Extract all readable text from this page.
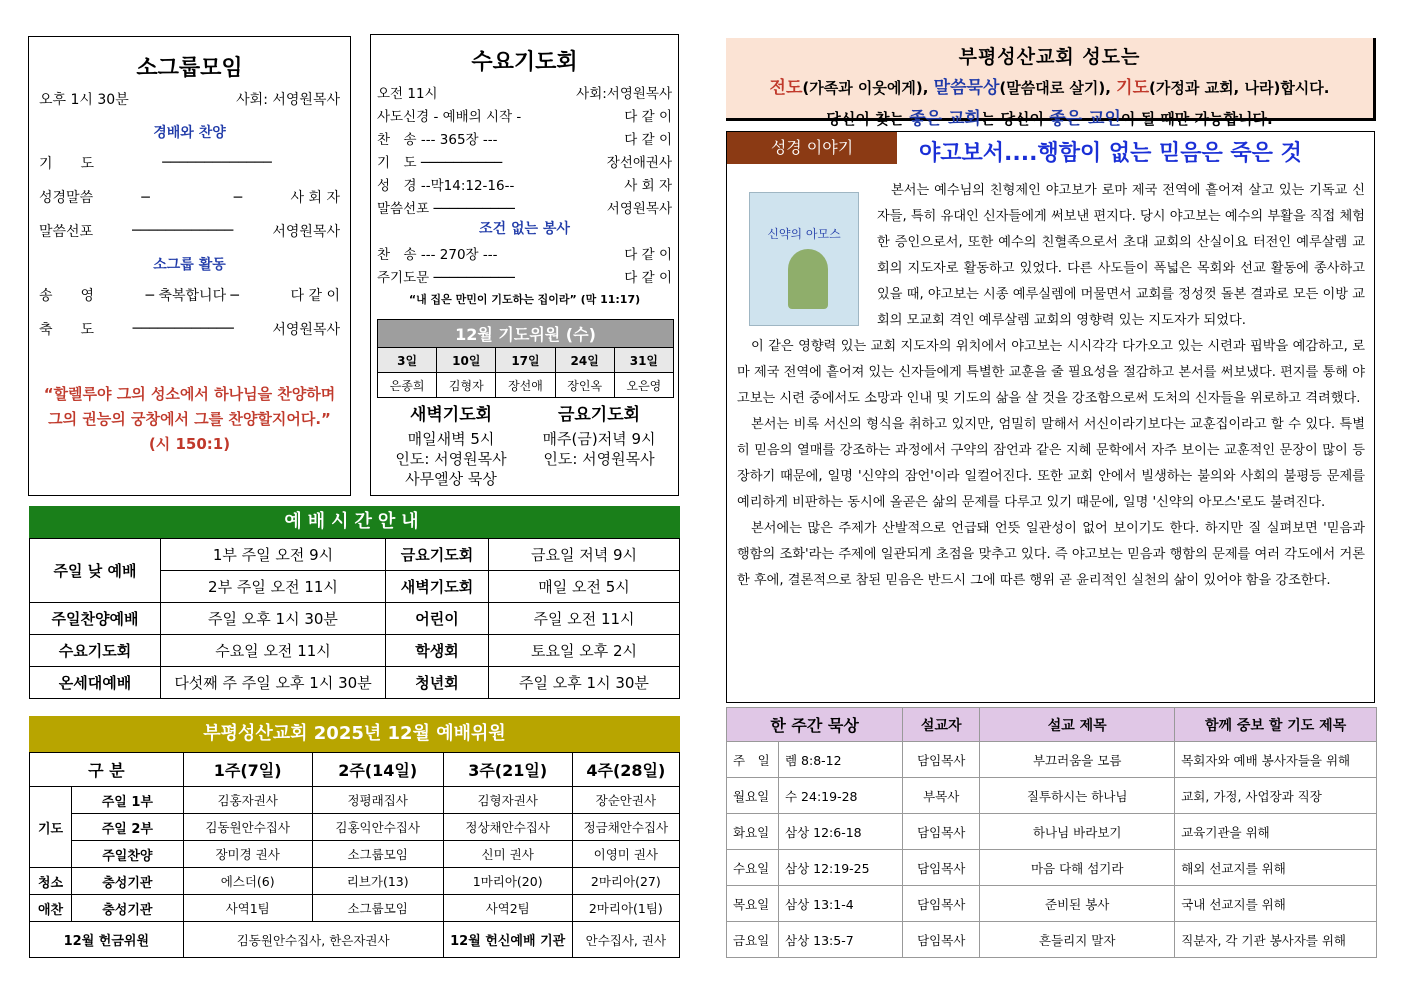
소그룹모임
오후 1시 30분	사회: 서영원목사
경배와 찬양
기　　도	─────────────
성경말씀	─　　　　　　─	사 회 자
말씀선포	────────────	서영원목사
소그룹 활동
송　　영	─ 축복합니다 ─	다 같 이
축　　도	────────────	서영원목사
“할렐루야 그의 성소에서 하나님을 찬양하며 그의 권능의 궁창에서 그를 찬양할지어다.” (시 150:1)
수요기도회
오전 11시	사회:서영원목사
사도신경 - 예배의 시작 -	다 같 이
찬　송 --- 365장 ---	다 같 이
기　도 ──────────	장선애권사
성　경 --막14:12-16--	사 회 자
말씀선포 ──────────	서영원목사
조건 없는 봉사
찬　송 --- 270장 ---	다 같 이
주기도문 ──────────	다 같 이
“내 집은 만민이 기도하는 집이라” (막 11:17)
12월 기도위원 (수)				
3일	10일	17일	24일	31일
은종희	김형자	장선애	장인옥	오은영
새벽기도회
매일새벽 5시
인도: 서영원목사
사무엘상 묵상
금요기도회
매주(금)저녁 9시
인도: 서영원목사
예배시간안내
주일 낮 예배	1부 주일 오전 9시	금요기도회	금요일 저녁 9시
	2부 주일 오전 11시	새벽기도회	매일 오전 5시
주일찬양예배	주일 오후 1시 30분	어린이	주일 오전 11시
수요기도회	수요일 오전 11시	학생회	토요일 오후 2시
온세대예배	다섯째 주 주일 오후 1시 30분	청년회	주일 오후 1시 30분
부평성산교회 2025년 12월 예배위원
구 분		1주(7일)	2주(14일)	3주(21일)	4주(28일)
기도	주일 1부	김홍자권사	정평래집사	김형자권사	장순안권사
	주일 2부	김동원안수집사	김홍익안수집사	정상채안수집사	정금채안수집사
	주일찬양	장미경 권사	소그룹모임	신미 권사	이영미 권사
청소	충성기관	에스더(6)	리브가(13)	1마리아(20)	2마리아(27)
애찬	충성기관	사역1팀	소그룹모임	사역2팀	2마리아(1팀)
12월 헌금위원		김동원안수집사, 한은자권사		12월 헌신예배 기관	안수집사, 권사
부평성산교회 성도는
전도(가족과 이웃에게), 말씀묵상(말씀대로 살기), 기도(가정과 교회, 나라)합시다.
당신이 찾는 좋은 교회는 당신이 좋은 교인이 될 때만 가능합니다.
성경 이야기	야고보서....행함이 없는 믿음은 죽은 것

본서는 예수님의 친형제인 야고보가 로마 제국 전역에 흩어져 살고 있는 기독교 신자들, 특히 유대인 신자들에게 써보낸 편지다. 당시 야고보는 예수의 부활을 직접 체험한 증인으로서, 또한 예수의 친혈족으로서 초대 교회의 산실이요 터전인 예루살렘 교회의 지도자로 활동하고 있었다. 다른 사도들이 폭넓은 목회와 선교 활동에 종사하고 있을 때, 야고보는 시종 예루실렘에 머물면서 교회를 정성껏 돌본 결과로 모든 이방 교회의 모교회 격인 예루살렘 교회의 영향력 있는 지도자가 되었다.

이 같은 영향력 있는 교회 지도자의 위치에서 야고보는 시시각각 다가오고 있는 시련과 핍박을 예감하고, 로마 제국 전역에 흩어져 있는 신자들에게 특별한 교훈을 줄 필요성을 절감하고 본서를 써보냈다. 편지를 통해 야고보는 시련 중에서도 소망과 인내 및 기도의 삶을 살 것을 강조함으로써 도처의 신자들을 위로하고 격려했다.

본서는 비록 서신의 형식을 취하고 있지만, 엄밀히 말해서 서신이라기보다는 교훈집이라고 할 수 있다. 특별히 믿음의 열매를 강조하는 과정에서 구약의 잠언과 같은 지혜 문학에서 자주 보이는 교훈적인 문장이 많이 등장하기 때문에, 일명 '신약의 잠언'이라 일컬어진다. 또한 교회 안에서 빌생하는 불의와 사회의 불평등 문제를 예리하게 비판하는 동시에 올곧은 삶의 문제를 다루고 있기 때문에, 일명 '신약의 아모스'로도 불려진다.

본서에는 많은 주제가 산발적으로 언급돼 언뜻 일관성이 없어 보이기도 한다. 하지만 질 실펴보면 '믿음과 행함의 조화'라는 주제에 일관되게 초점을 맞추고 있다. 즉 야고보는 믿음과 행함의 문제를 여러 각도에서 거론한 후에, 결론적으로 참된 믿음은 반드시 그에 따른 행위 곧 윤리적인 실천의 삶이 있어야 함을 강조한다.

신약의 아모스
한 주간 묵상		설교자	설교 제목	함께 중보 할 기도 제목
주　일	렘 8:8-12	담임목사	부끄러움을 모름	목회자와 예배 봉사자들을 위해
월요일	수 24:19-28	부목사	질투하시는 하나님	교회, 가정, 사업장과 직장
화요일	삼상 12:6-18	담임목사	하나님 바라보기	교육기관을 위해
수요일	삼상 12:19-25	담임목사	마음 다해 섬기라	해외 선교지를 위해
목요일	삼상 13:1-4	담임목사	준비된 봉사	국내 선교지를 위해
금요일	삼상 13:5-7	담임목사	흔들리지 말자	직분자, 각 기관 봉사자를 위해
